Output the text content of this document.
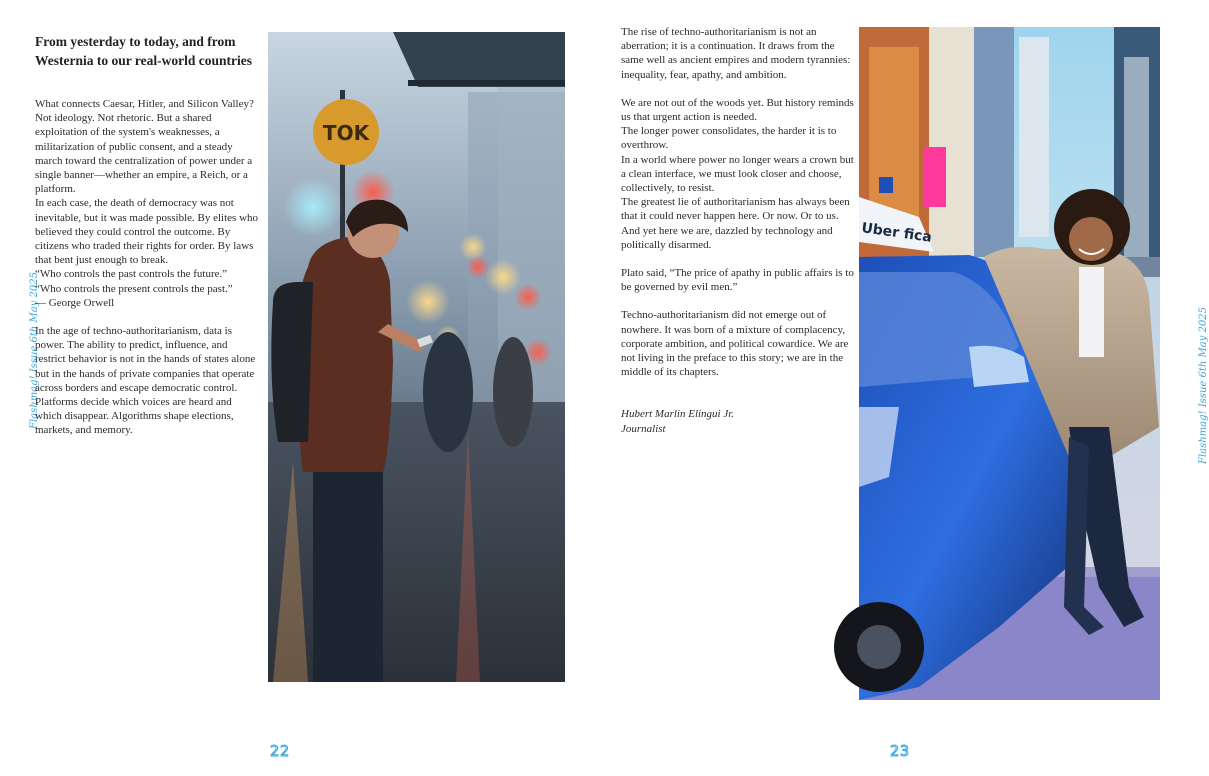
Flashmag! Issue 6th May 2025
From yesterday to today, and from Westernia to our real-world countries

What connects Caesar, Hitler, and Silicon Valley? Not ideology. Not rhetoric. But a shared exploitation of the system's weaknesses, a militarization of public consent, and a steady march toward the centralization of power under a single banner—whether an empire, a Reich, or a platform.

In each case, the death of democracy was not inevitable, but it was made possible. By elites who believed they could control the outcome. By citizens who traded their rights for order. By laws that bent just enough to break.

“Who controls the past controls the future.”

“Who controls the present controls the past.”

— George Orwell

In the age of techno-authoritarianism, data is power. The ability to predict, influence, and restrict behavior is not in the hands of states alone but in the hands of private companies that operate across borders and escape democratic control. Platforms decide which voices are heard and which disappear. Algorithms shape elections, markets, and memory.

TOK
22

The rise of techno-authoritarianism is not an aberration; it is a continuation. It draws from the same well as ancient empires and modern tyrannies: inequality, fear, apathy, and ambition.

We are not out of the woods yet. But history reminds us that urgent action is needed.

The longer power consolidates, the harder it is to overthrow.

In a world where power no longer wears a crown but a clean interface, we must look closer and choose, collectively, to resist.

The greatest lie of authoritarianism has always been that it could never happen here. Or now. Or to us.

And yet here we are, dazzled by technology and politically disarmed.

Plato said, “The price of apathy in public affairs is to be governed by evil men.”

Techno-authoritarianism did not emerge out of nowhere. It was born of a mixture of complacency, corporate ambition, and political cowardice. We are not living in the preface to this story; we are in the middle of its chapters.

Hubert Marlin Elingui Jr.

Journalist

Uber fica
Flashmag! Issue 6th May 2025
23
